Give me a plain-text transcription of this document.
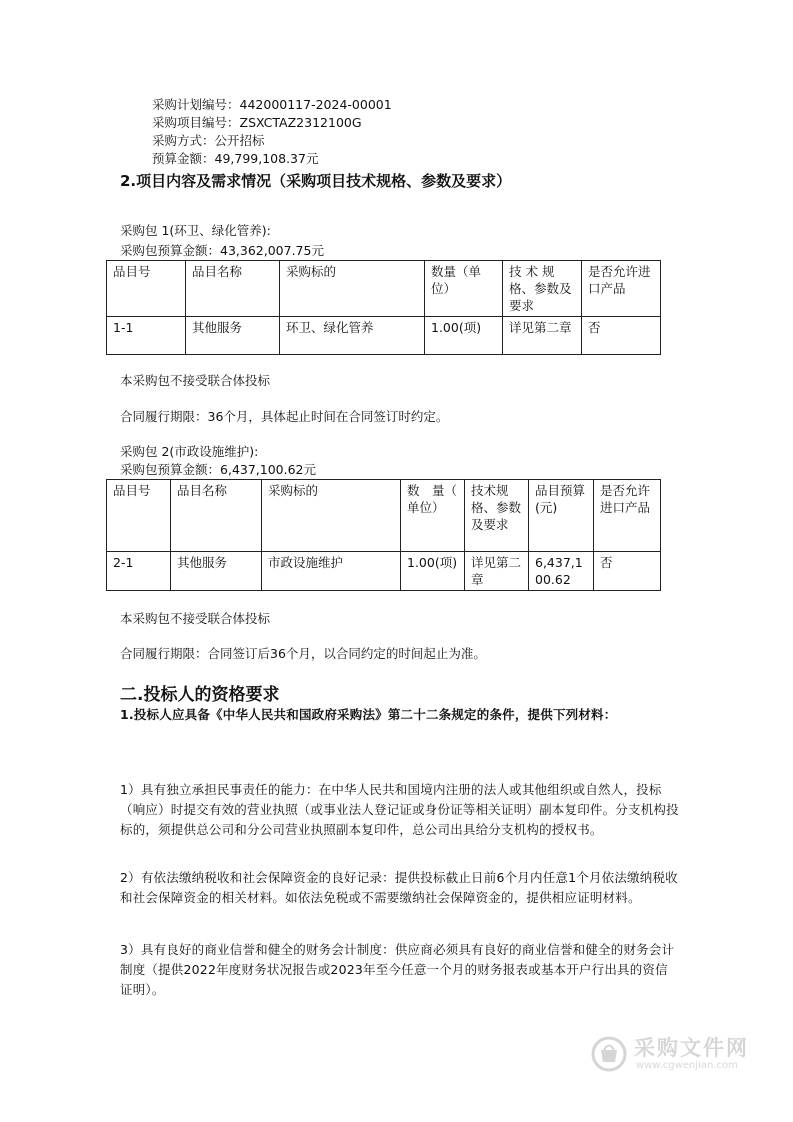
采购计划编号：442000117-2024-00001
采购项目编号：ZSXCTAZ2312100G
采购方式：公开招标
预算金额：49,799,108.37元
2.项目内容及需求情况（采购项目技术规格、参数及要求）
采购包 1(环卫、绿化管养):
采购包预算金额：43,362,007.75元
品目号	品目名称	采购标的	数量（单位）	技 术 规 格、参数及要求	是否允许进口产品
1-1	其他服务	环卫、绿化管养	1.00(项)	详见第二章	否
本采购包不接受联合体投标
合同履行期限：36个月，具体起止时间在合同签订时约定。
采购包 2(市政设施维护):
采购包预算金额：6,437,100.62元
品目号	品目名称	采购标的	数　量（　单位）	技术规格、参数及要求	品目预算(元)	是否允许进口产品
2-1	其他服务	市政设施维护	1.00(项)	详见第二章	6,437,100.62	否
本采购包不接受联合体投标
合同履行期限：合同签订后36个月，以合同约定的时间起止为准。
二.投标人的资格要求
1.投标人应具备《中华人民共和国政府采购法》第二十二条规定的条件，提供下列材料：
1）具有独立承担民事责任的能力：在中华人民共和国境内注册的法人或其他组织或自然人，投标（响应）时提交有效的营业执照（或事业法人登记证或身份证等相关证明）副本复印件。分支机构投标的，须提供总公司和分公司营业执照副本复印件，总公司出具给分支机构的授权书。
2）有依法缴纳税收和社会保障资金的良好记录：提供投标截止日前6个月内任意1个月依法缴纳税收和社会保障资金的相关材料。如依法免税或不需要缴纳社会保障资金的，提供相应证明材料。
3）具有良好的商业信誉和健全的财务会计制度：供应商必须具有良好的商业信誉和健全的财务会计制度（提供2022年度财务状况报告或2023年至今任意一个月的财务报表或基本开户行出具的资信证明）。
采购文件网
www.cgwenjian.com
